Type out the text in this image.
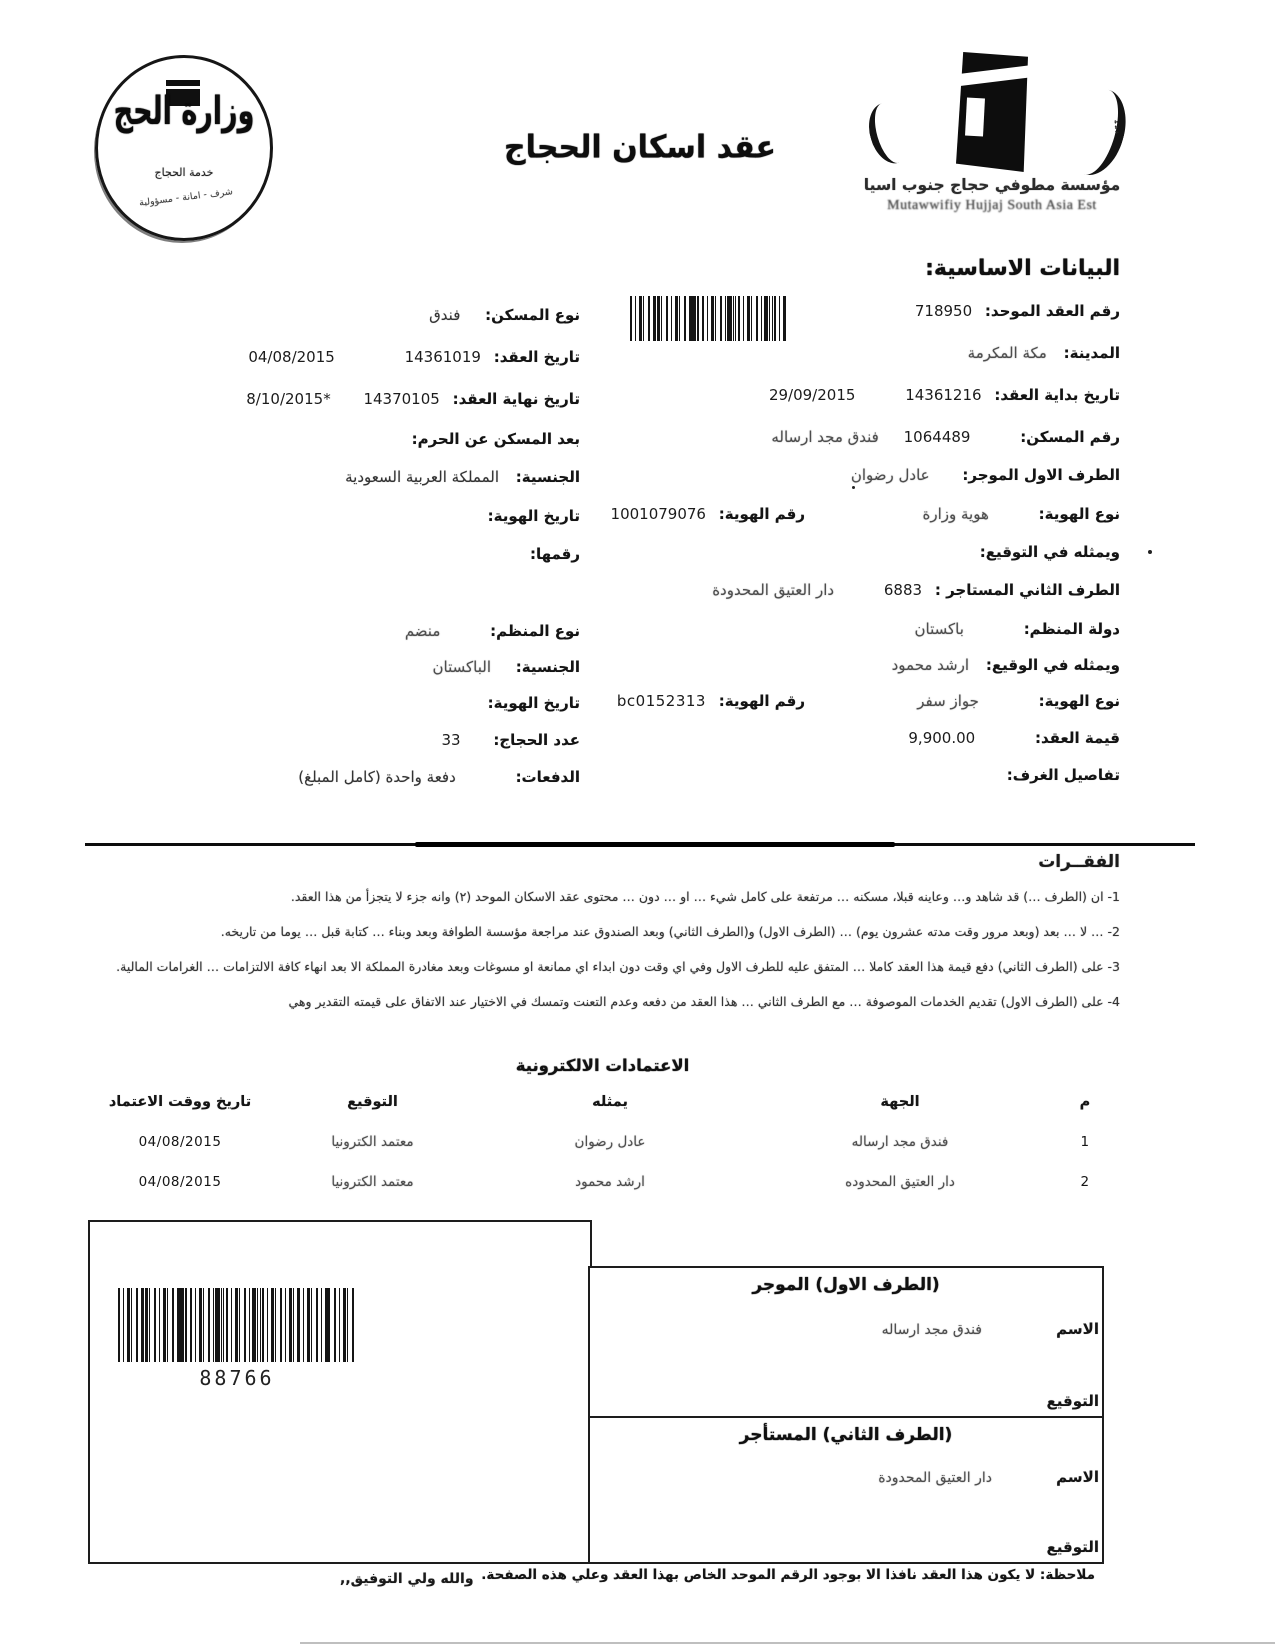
وزارة الحج
خدمة الحجاج
شرف - امانة - مسؤولية
عقد اسكان الحجاج
؞؞؞
مؤسسة مطوفي حجاج جنوب اسيا
Mutawwifiy Hujjaj South Asia Est
البيانات الاساسية:
رقم العقد الموحد: 718950
المدينة: مكة المكرمة
تاريخ بداية العقد: 14361216 29/09/2015
رقم المسكن: 1064489 فندق مجد ارساله
الطرف الاول الموجر: عادل رضوان
نوع الهوية: هوية وزارة
رقم الهوية: 1001079076
ويمثله في التوقيع:
الطرف الثاني المستاجر : 6883 دار العتيق المحدودة
دولة المنظم: باكستان
ويمثله في الوقيع: ارشد محمود
نوع الهوية: جواز سفر
رقم الهوية: bc0152313
قيمة العقد: 9,900.00
تفاصيل الغرف:
نوع المسكن: فندق
تاريخ العقد: 14361019 04/08/2015
تاريخ نهاية العقد: 14370105 *8/10/2015
بعد المسكن عن الحرم:
الجنسية: المملكة العربية السعودية
تاريخ الهوية:
رقمها:
نوع المنظم: منضم
الجنسية: الباكستان
تاريخ الهوية:
عدد الحجاج: 33
الدفعات: دفعة واحدة (كامل المبلغ)
الفقــرات
1- ان (الطرف …) قد شاهد و… وعاينه قبلا، مسكنه … مرتفعة على كامل شيء … او … دون … محتوى عقد الاسكان الموحد (٢) وانه جزء لا يتجزأ من هذا العقد.
2- … لا … بعد (وبعد مرور وقت مدته عشرون يوم) … (الطرف الاول) و(الطرف الثاني) وبعد الصندوق عند مراجعة مؤسسة الطوافة وبعد وبناء … كتابة قبل … يوما من تاريخه.
3- على (الطرف الثاني) دفع قيمة هذا العقد كاملا … المتفق عليه للطرف الاول وفي اي وقت دون ابداء اي ممانعة او مسوغات وبعد مغادرة المملكة الا بعد انهاء كافة الالتزامات … الغرامات المالية.
4- على (الطرف الاول) تقديم الخدمات الموصوفة … مع الطرف الثاني … هذا العقد من دفعه وعدم التعنت وتمسك في الاختيار عند الاتفاق على قيمته التقدير وهي
الاعتمادات الالكترونية
م
الجهة
يمثله
التوقيع
تاريخ ووقت الاعتماد
1
فندق مجد ارساله
عادل رضوان
معتمد الكترونيا
04/08/2015
2
دار العتيق المحدوده
ارشد محمود
معتمد الكترونيا
04/08/2015
88766
(الطرف الاول) الموجر
الاسم
فندق مجد ارساله
التوقيع
(الطرف الثاني) المستأجر
الاسم
دار العتيق المحدودة
التوقيع
ملاحظة: لا يكون هذا العقد نافذا الا بوجود الرقم الموحد الخاص بهذا العقد وعلي هذه الصفحة.
والله ولي التوفيق,,
